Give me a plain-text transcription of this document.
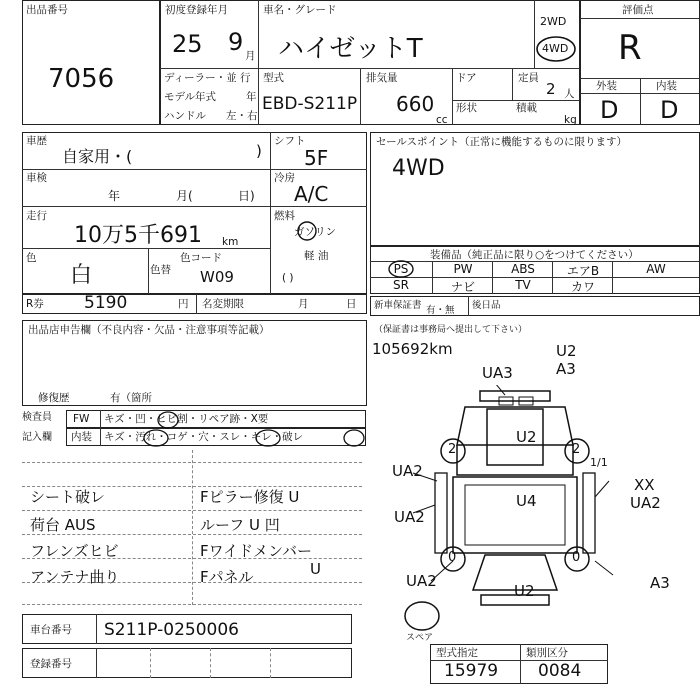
出品番号
7056
初度登録年月
25 9 月
車名・グレード
ハイゼットT
2WD
4WD
ディーラー・並 行
モデル年式	年
ハンドル 左・右
型式
EBD-S211P
排気量
660
cc
ドア	定員
2 人
形状	積載
kg
評価点
R
外装	内装
D D
車歴
自家用・(	)
車検
年	月(	日)
走行
10万5千691 km
色
白	色替
色コード
W09
シフト
5F
冷房
A/C
燃料
ガソリン
軽 油
( )
R券 5190	円 名変期限	月	日
セールスポイント（正常に機能するものに限ります）
4WD
装備品（純正品に限り○をつけてください）
PS	PW	ABS	エアB	AW
SR	ナビ	TV	カワ
新車保証書 有・無 後日品
出品店申告欄（不良内容・欠品・注意事項等記載）
修復歴	有（箇所
検査員
記入欄
FW キズ・凹・ヒビ割・リペア跡・X要
内装 キズ・汚れ・コゲ・穴・スレ・キレ・破レ
シート破レ
荷台 AUS
フレンズヒビ
アンテナ曲り
Fピラー修復 U
ルーフ U 凹
Fワイドメンバー
Fパネル	U
（保証書は事務局へ提出して下さい）
105692km	U2
A3
UA3
U2
U4
UA2
UA2
UA2
XX
UA2
A3
U2
2	2
0	0
1/1
スペア
車台番号 S211P-0250006
登録番号
型式指定
15979
類別区分
0084
